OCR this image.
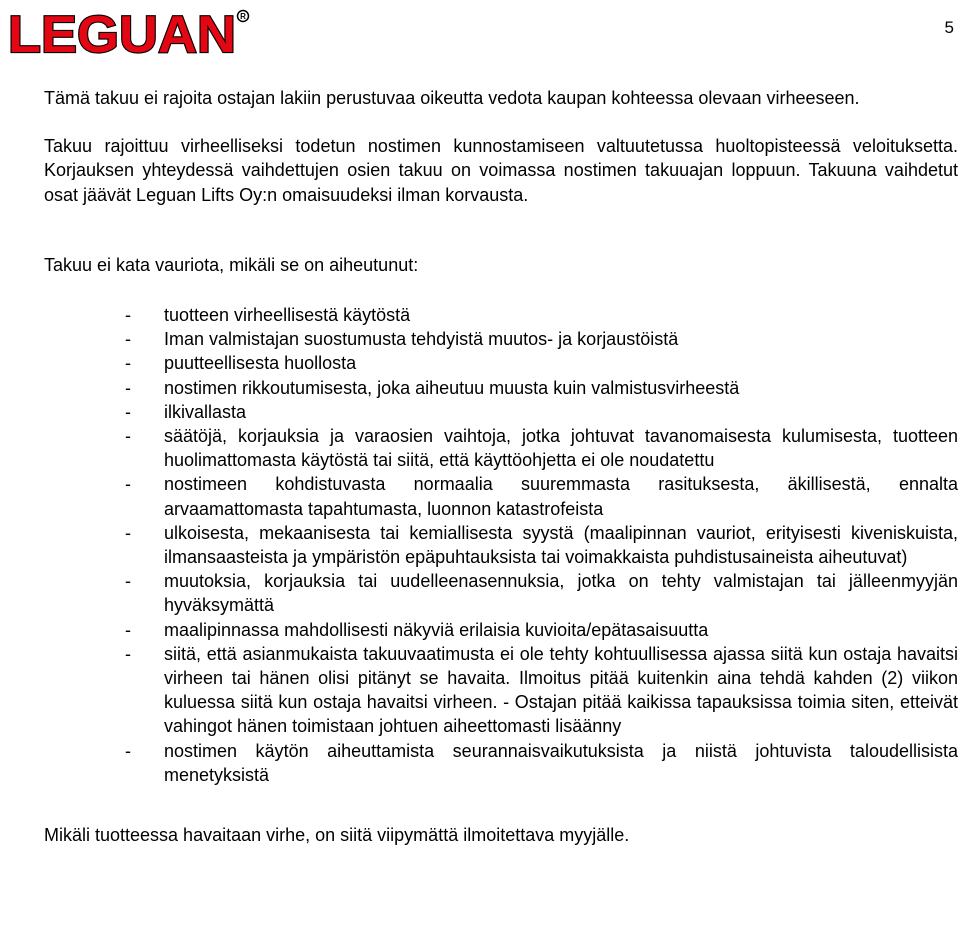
LEGUAN R
5

Tämä takuu ei rajoita ostajan lakiin perustuvaa oikeutta vedota kaupan kohteessa olevaan virheeseen.

Takuu rajoittuu virheelliseksi todetun nostimen kunnostamiseen valtuutetussa huoltopisteessä veloituksetta. Korjauksen yhteydessä vaihdettujen osien takuu on voimassa nostimen takuuajan loppuun. Takuuna vaihdetut osat jäävät Leguan Lifts Oy:n omaisuudeksi ilman korvausta.

Takuu ei kata vauriota, mikäli se on aiheutunut:

- tuotteen virheellisestä käytöstä
- Iman valmistajan suostumusta tehdyistä muutos- ja korjaustöistä
- puutteellisesta huollosta
- nostimen rikkoutumisesta, joka aiheutuu muusta kuin valmistusvirheestä
- ilkivallasta
- säätöjä, korjauksia ja varaosien vaihtoja, jotka johtuvat tavanomaisesta kulumisesta, tuotteen huolimattomasta käytöstä tai siitä, että käyttöohjetta ei ole noudatettu
- nostimeen kohdistuvasta normaalia suuremmasta rasituksesta, äkillisestä, ennalta arvaamattomasta tapahtumasta, luonnon katastrofeista
- ulkoisesta, mekaanisesta tai kemiallisesta syystä (maalipinnan vauriot, erityisesti kiveniskuista, ilmansaasteista ja ympäristön epäpuhtauksista tai voimakkaista puhdistusaineista aiheutuvat)
- muutoksia, korjauksia tai uudelleenasennuksia, jotka on tehty valmistajan tai jälleenmyyjän hyväksymättä
- maalipinnassa mahdollisesti näkyviä erilaisia kuvioita/epätasaisuutta
- siitä, että asianmukaista takuuvaatimusta ei ole tehty kohtuullisessa ajassa siitä kun ostaja havaitsi virheen tai hänen olisi pitänyt se havaita. Ilmoitus pitää kuitenkin aina tehdä kahden (2) viikon kuluessa siitä kun ostaja havaitsi virheen. - Ostajan pitää kaikissa tapauksissa toimia siten, etteivät vahingot hänen toimistaan johtuen aiheettomasti lisäänny
- nostimen käytön aiheuttamista seurannaisvaikutuksista ja niistä johtuvista taloudellisista menetyksistä

Mikäli tuotteessa havaitaan virhe, on siitä viipymättä ilmoitettava myyjälle.
